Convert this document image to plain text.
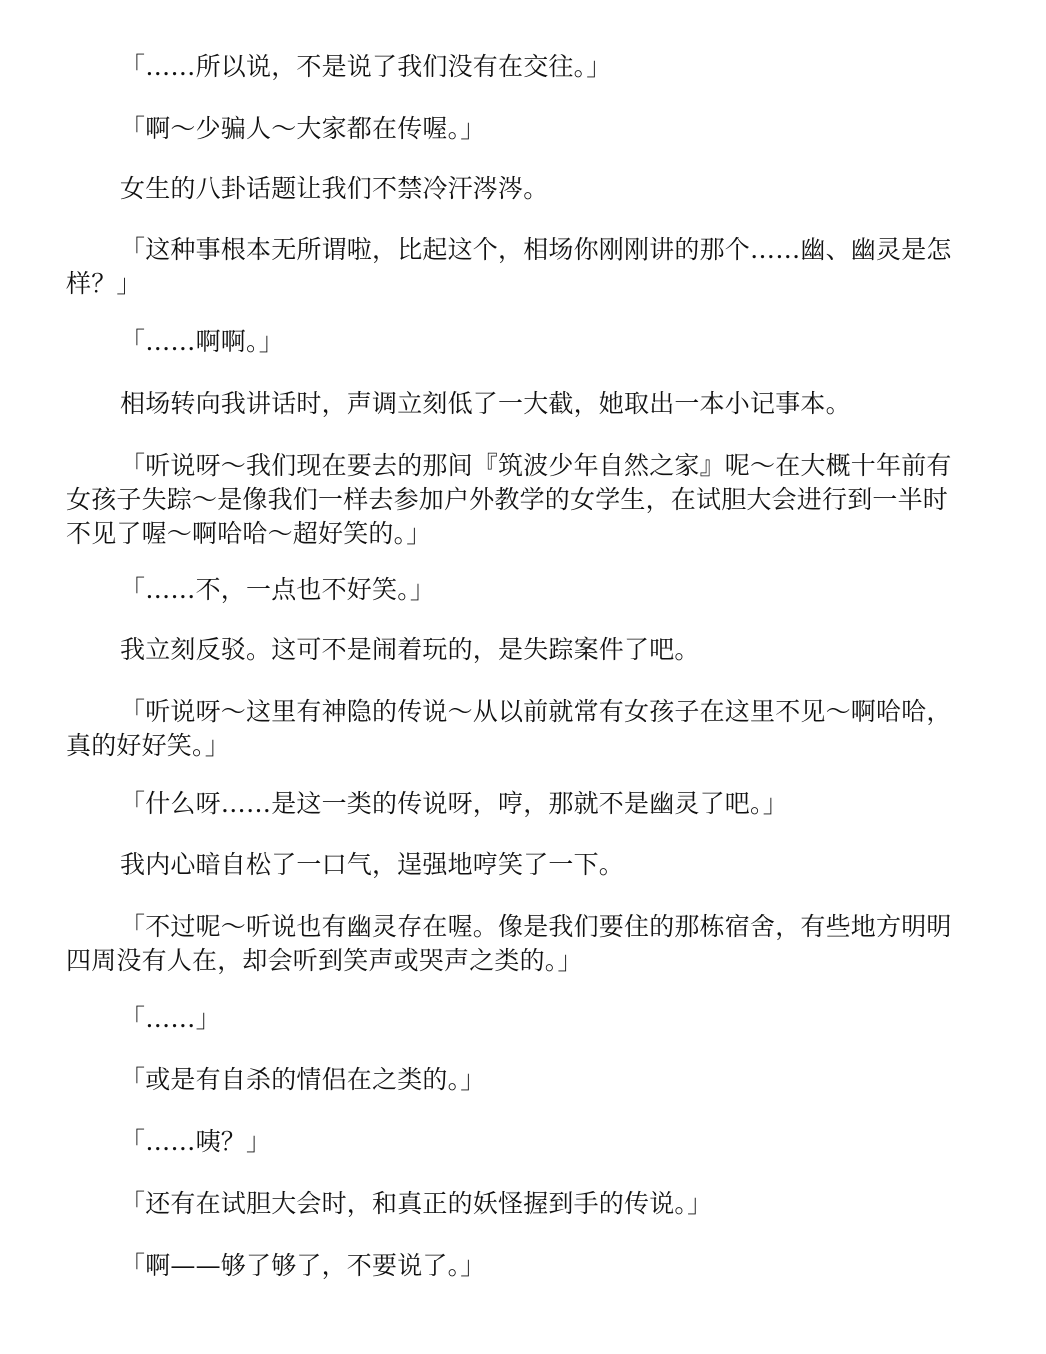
「……所以说，不是说了我们没有在交往。」

「啊～少骗人～大家都在传喔。」

女生的八卦话题让我们不禁冷汗涔涔。

「这种事根本无所谓啦，比起这个，相场你刚刚讲的那个……幽、幽灵是怎样？」

「……啊啊。」

相场转向我讲话时，声调立刻低了一大截，她取出一本小记事本。

「听说呀～我们现在要去的那间『筑波少年自然之家』呢～在大概十年前有女孩子失踪～是像我们一样去参加户外教学的女学生，在试胆大会进行到一半时不见了喔～啊哈哈～超好笑的。」

「……不，一点也不好笑。」

我立刻反驳。这可不是闹着玩的，是失踪案件了吧。

「听说呀～这里有神隐的传说～从以前就常有女孩子在这里不见～啊哈哈，真的好好笑。」

「什么呀……是这一类的传说呀，哼，那就不是幽灵了吧。」

我内心暗自松了一口气，逞强地哼笑了一下。

「不过呢～听说也有幽灵存在喔。像是我们要住的那栋宿舍，有些地方明明四周没有人在，却会听到笑声或哭声之类的。」

「……」

「或是有自杀的情侣在之类的。」

「……咦？」

「还有在试胆大会时，和真正的妖怪握到手的传说。」

「啊——够了够了，不要说了。」
